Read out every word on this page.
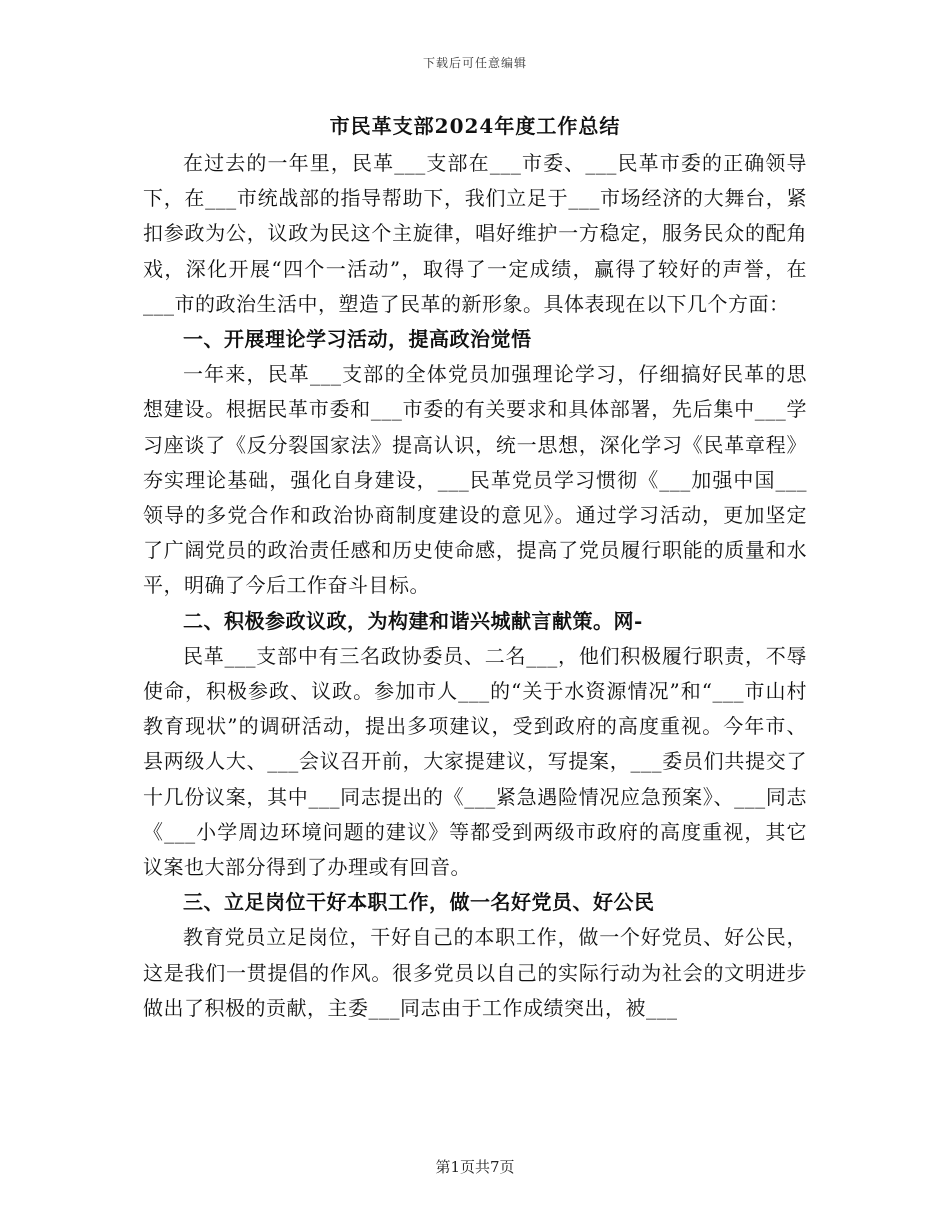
下载后可任意编辑
市民革支部2024年度工作总结

在过去的一年里，民革___支部在___市委、___民革市委的正确领导下，在___市统战部的指导帮助下，我们立足于___市场经济的大舞台，紧扣参政为公，议政为民这个主旋律，唱好维护一方稳定，服务民众的配角戏，深化开展“四个一活动”，取得了一定成绩，赢得了较好的声誉，在___市的政治生活中，塑造了民革的新形象。具体表现在以下几个方面：

一、开展理论学习活动，提高政治觉悟

一年来，民革___支部的全体党员加强理论学习，仔细搞好民革的思想建设。根据民革市委和___市委的有关要求和具体部署，先后集中___学习座谈了《反分裂国家法》提高认识，统一思想，深化学习《民革章程》夯实理论基础，强化自身建设，___民革党员学习惯彻《___加强中国___领导的多党合作和政治协商制度建设的意见》。通过学习活动，更加坚定了广阔党员的政治责任感和历史使命感，提高了党员履行职能的质量和水平，明确了今后工作奋斗目标。

二、积极参政议政，为构建和谐兴城献言献策。网-

民革___支部中有三名政协委员、二名___，他们积极履行职责，不辱使命，积极参政、议政。参加市人___的“关于水资源情况”和“___市山村教育现状”的调研活动，提出多项建议，受到政府的高度重视。今年市、县两级人大、___会议召开前，大家提建议，写提案，___委员们共提交了十几份议案，其中___同志提出的《___紧急遇险情况应急预案》、___同志《___小学周边环境问题的建议》等都受到两级市政府的高度重视，其它议案也大部分得到了办理或有回音。

三、立足岗位干好本职工作，做一名好党员、好公民

教育党员立足岗位，干好自己的本职工作，做一个好党员、好公民，这是我们一贯提倡的作风。很多党员以自己的实际行动为社会的文明进步做出了积极的贡献，主委___同志由于工作成绩突出，被___

第1页共7页
